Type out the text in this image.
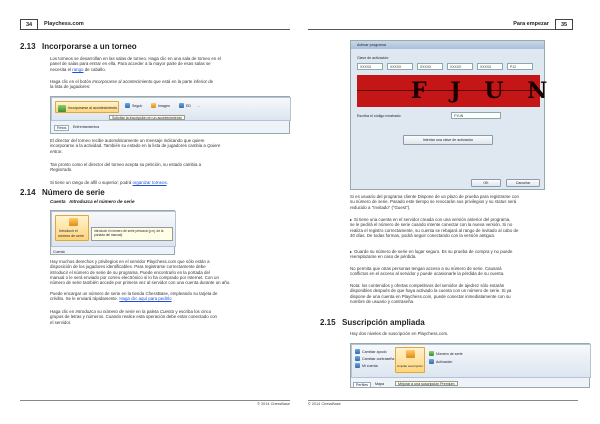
34	Playchess.com
2.13 Incorporarse a un torneo
Los torneos se desarrollan en las salas de torneo. Haga clic en una sala de torneo en el
panel de salas para entrar en ella. Para acceder a la mayor parte de esas salas se
necesita el rango de caballo.
Haga clic en el botón Incorporarse al acontecimiento que está en la parte inferior de
la lista de jugadores:
Incorporarse al acontecimiento
Seguir	Imagen	ED ...
Solicitar la inscripción en un acontecimiento
Retos	Enfrentamientos
El director del torneo recibe automáticamente un mensaje indicando que quiere
incorporarse a la actividad. También su estado en la lista de jugadores cambia a Quiere
entrar.
Tan pronto como el director del torneo acepta su petición, su estado cambia a
Registrado.
Si tiene un rango de alfil o superior, podrá organizar torneos.
2.14 Número de serie
Cuenta Introduzca el número de serie
Introducir el
número de serie
Introducir el número de serie personal (p.ej. de la portada del manual)
Cuenta
Hay muchos derechos y privilegios en el servidor Playchess.com que sólo están a
disposición de los jugadores identificables. Para registrarse correctamente debe
introducir el número de serie de su programa. Puede encontrarlo en la portada del
manual o le será enviado por correo electrónico si lo ha comprado por Internet. Con un
número de serie también accede por primera vez al servidor con una cuenta durante un año.
Puede encargar un número de serie en la tienda ChessBase, empleando su tarjeta de
crédito. Se le enviará rápidamente. Haga clic aquí para pedirlo
Haga clic en Introduzca su número de serie en la paleta Cuenta y escriba los cinco
grupos de letras y números. Cuando realice esta operación debe estar conectado con
el servidor.
© 2014 ChessBase
Para empezar	35
Activar programa
Clave de activación:
XXXXX	XXXXX	XXXXX	XXXXX	XXXXX	P12
F J U N
Escriba el código mostrado:	FYUN
Intentar una clave de activación
OK	Cancelar
Si es usuario del programa cliente Dispone de un plazo de prueba para registrarse con
su número de serie. Pasado este tiempo se revocarán sus privilegios y su status será
reducido a "Invitado" ("Guest").
Si tiene una cuenta en el servidor creada con una versión anterior del programa,
se le pedirá el número de serie cuando intente conectar con la nueva versión. Si no
realiza el registro correctamente, su cuenta se rebajará al rango de invitado al cabo de
30 días. De todas formas, podrá seguir conectando con la versión antigua.
Guarde su número de serie en lugar seguro. Es su prueba de compra y no puede
reemplazarse en caso de pérdida.
No permita que otras personas tengan acceso a su número de serie. Causará
conflictos en el acceso al servidor y puede ocasionarle la pérdida de su cuenta.
Nota: los contenidos y ofertas competitivos del servidor de ajedrez sólo estarán
disponibles después de que haya activado la cuenta con un número de serie. Si ya
dispone de una cuenta en Playchess.com, puede conectar inmediatamente con su
nombre de usuario y contraseña.
2.15 Suscripción ampliada
Hay dos niveles de suscripción en Playchess.com.
Cambiar apodo
Cambiar contraseña
Mi cuenta	Ampliar suscripción
Número de serie
Activación
Perfiles	Mapa	Mejorar a una suscripción Premium
© 2014 ChessBase
